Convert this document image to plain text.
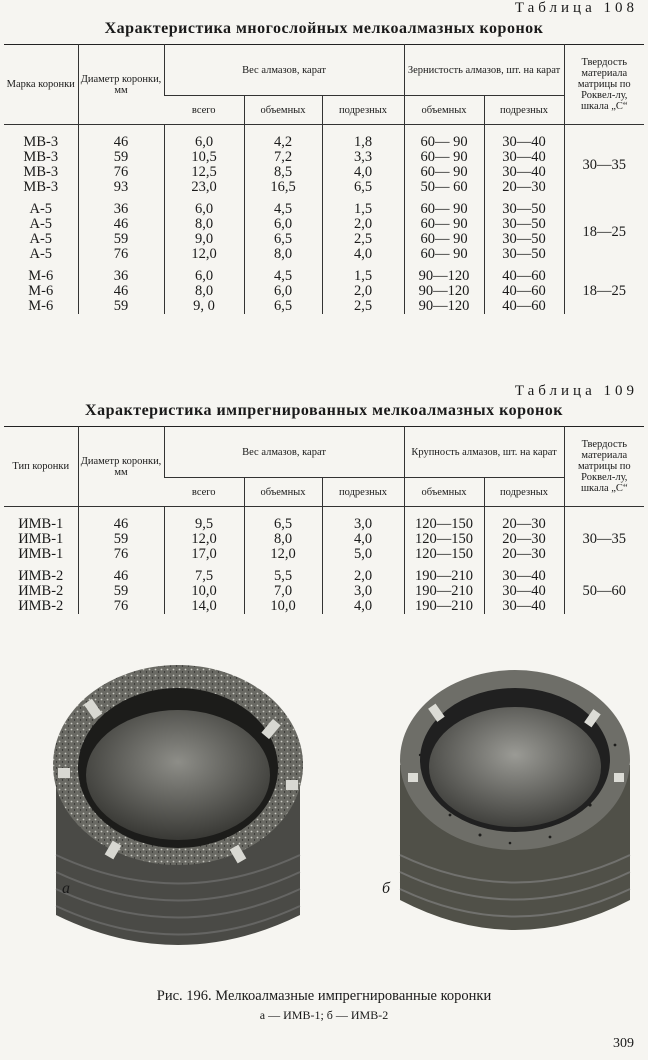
Таблица 108
Характеристика многослойных мелкоалмазных коронок
Марка коронки	Диаметр коронки, мм	Вес алмазов, карат			Зернистость алмазов, шт. на карат		Твердость материала матрицы по Роквел-лу, шкала „С“
		всего	объемных	подрезных	объемных	подрезных	

МВ-3	46	6,0	4,2	1,8	60— 90	30—40	30—35
МВ-3	59	10,5	7,2	3,3	60— 90	30—40	
МВ-3	76	12,5	8,5	4,0	60— 90	30—40	
МВ-3	93	23,0	16,5	6,5	50— 60	20—30	
А-5	36	6,0	4,5	1,5	60— 90	30—50	18—25
А-5	46	8,0	6,0	2,0	60— 90	30—50	
А-5	59	9,0	6,5	2,5	60— 90	30—50	
А-5	76	12,0	8,0	4,0	60— 90	30—50	
М-6	36	6,0	4,5	1,5	90—120	40—60	18—25
М-6	46	8,0	6,0	2,0	90—120	40—60	
М-6	59	9, 0	6,5	2,5	90—120	40—60	
Таблица 109
Характеристика импрегнированных мелкоалмазных коронок
Тип коронки	Диаметр коронки, мм	Вес алмазов, карат			Крупность алмазов, шт. на карат		Твердость материала матрицы по Роквел-лу, шкала „С“
		всего	объемных	подрезных	объемных	подрезных	

ИМВ-1	46	9,5	6,5	3,0	120—150	20—30	30—35
ИМВ-1	59	12,0	8,0	4,0	120—150	20—30	
ИМВ-1	76	17,0	12,0	5,0	120—150	20—30	
ИМВ-2	46	7,5	5,5	2,0	190—210	30—40	50—60
ИМВ-2	59	10,0	7,0	3,0	190—210	30—40	
ИМВ-2	76	14,0	10,0	4,0	190—210	30—40	
а	б
Рис. 196. Мелкоалмазные импрегнированные коронки
а — ИМВ-1; б — ИМВ-2
309
